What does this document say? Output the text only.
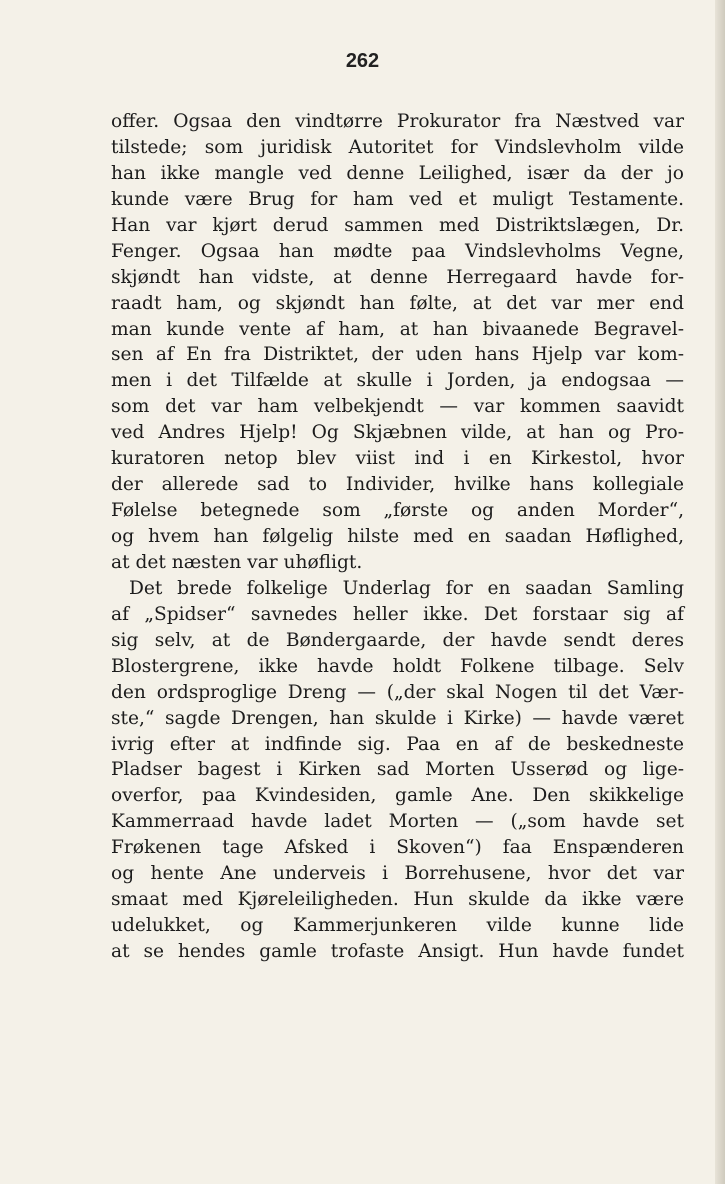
262
offer. Ogsaa den vindtørre Prokurator fra Næstved var
tilstede; som juridisk Autoritet for Vindslevholm vilde
han ikke mangle ved denne Leilighed, især da der jo
kunde være Brug for ham ved et muligt Testamente.
Han var kjørt derud sammen med Distriktslægen, Dr.
Fenger. Ogsaa han mødte paa Vindslevholms Vegne,
skjøndt han vidste, at denne Herregaard havde for-
raadt ham, og skjøndt han følte, at det var mer end
man kunde vente af ham, at han bivaanede Begravel-
sen af En fra Distriktet, der uden hans Hjelp var kom-
men i det Tilfælde at skulle i Jorden, ja endogsaa —
som det var ham velbekjendt — var kommen saavidt
ved Andres Hjelp! Og Skjæbnen vilde, at han og Pro-
kuratoren netop blev viist ind i en Kirkestol, hvor
der allerede sad to Individer, hvilke hans kollegiale
Følelse betegnede som „første og anden Morder“,
og hvem han følgelig hilste med en saadan Høflighed,
at det næsten var uhøfligt.
Det brede folkelige Underlag for en saadan Samling
af „Spidser“ savnedes heller ikke. Det forstaar sig af
sig selv, at de Bøndergaarde, der havde sendt deres
Blostergrene, ikke havde holdt Folkene tilbage. Selv
den ordsproglige Dreng — („der skal Nogen til det Vær-
ste,“ sagde Drengen, han skulde i Kirke) — havde været
ivrig efter at indfinde sig. Paa en af de beskedneste
Pladser bagest i Kirken sad Morten Usserød og lige-
overfor, paa Kvindesiden, gamle Ane. Den skikkelige
Kammerraad havde ladet Morten — („som havde set
Frøkenen tage Afsked i Skoven“) faa Enspænderen
og hente Ane underveis i Borrehusene, hvor det var
smaat med Kjøreleiligheden. Hun skulde da ikke være
udelukket, og Kammerjunkeren vilde kunne lide
at se hendes gamle trofaste Ansigt. Hun havde fundet
